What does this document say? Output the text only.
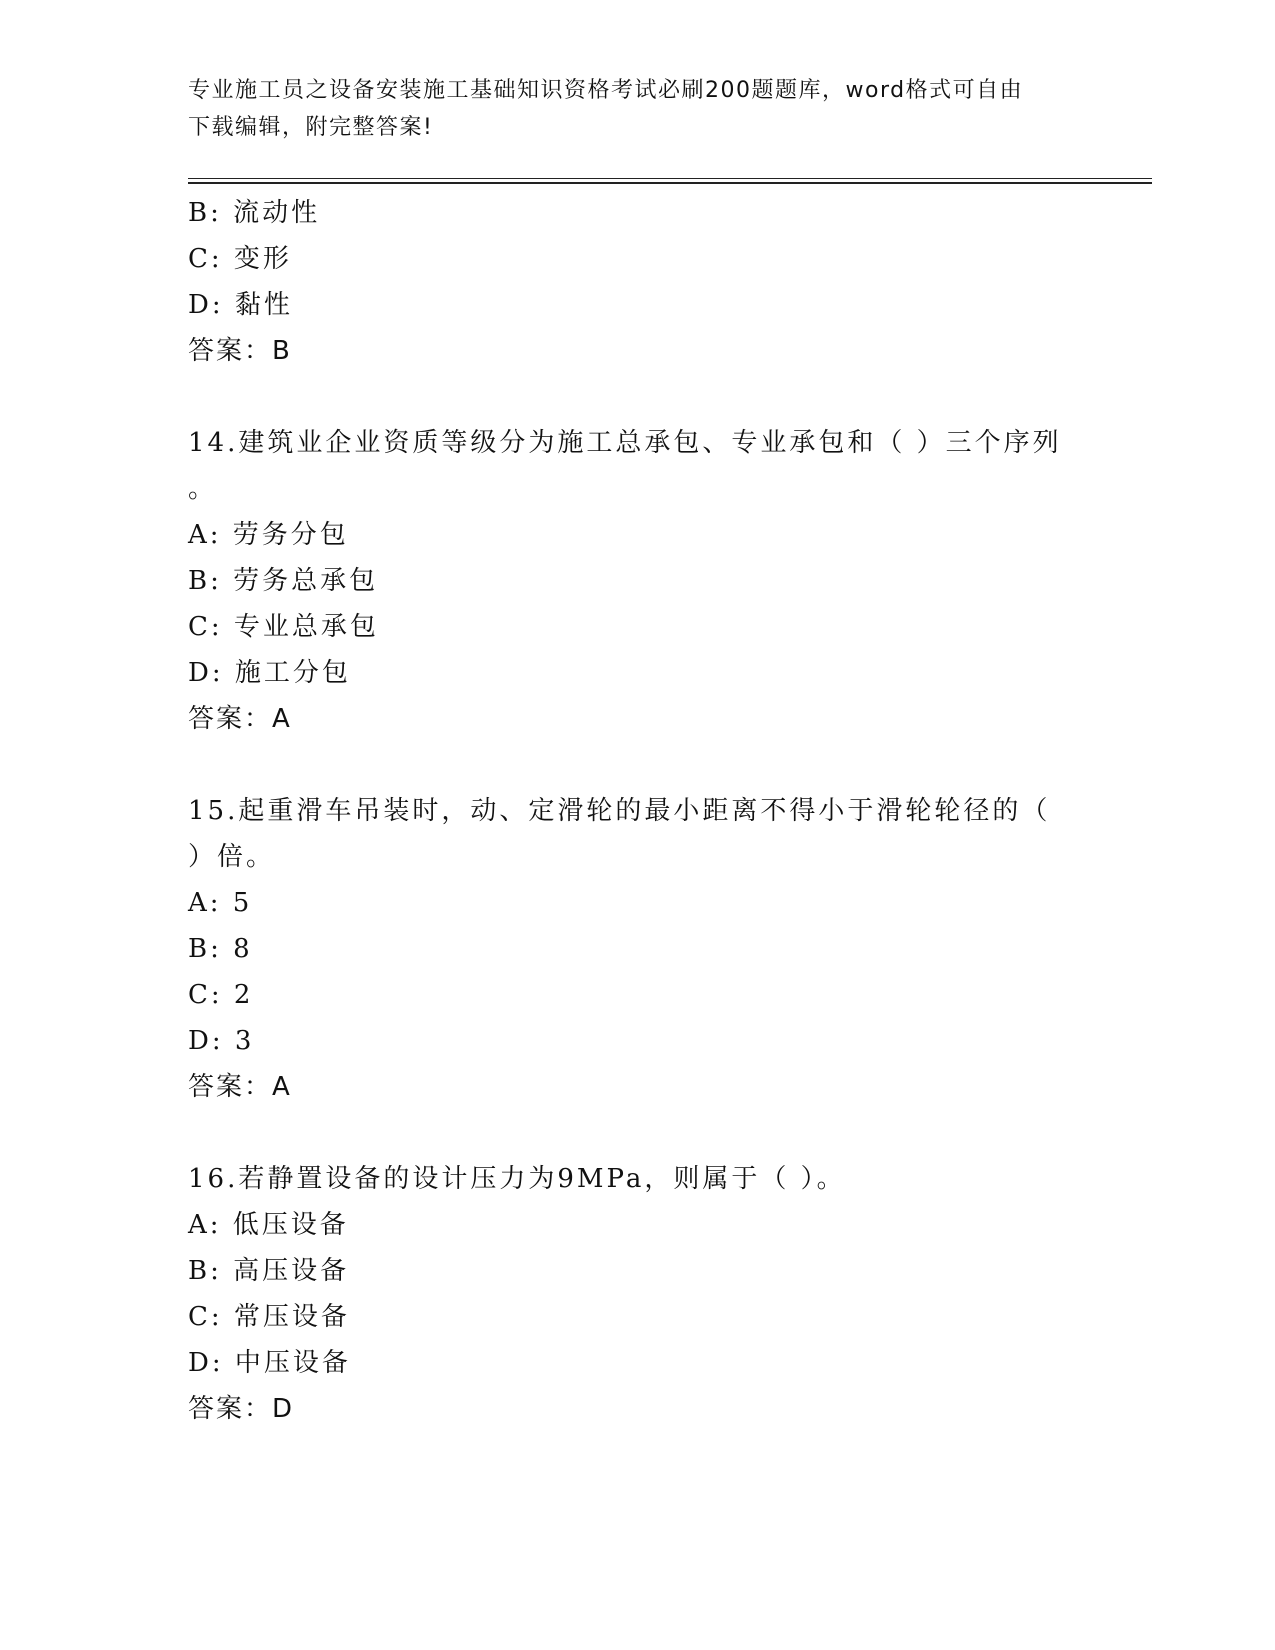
专业施工员之设备安装施工基础知识资格考试必刷200题题库，word格式可自由
下载编辑，附完整答案!
B: 流动性
C: 变形
D: 黏性
答案：B
14.建筑业企业资质等级分为施工总承包、专业承包和（ ）三个序列
。
A: 劳务分包
B: 劳务总承包
C: 专业总承包
D: 施工分包
答案：A
15.起重滑车吊装时，动、定滑轮的最小距离不得小于滑轮轮径的（
）倍。
A: 5
B: 8
C: 2
D: 3
答案：A
16.若静置设备的设计压力为9MPa，则属于（ ）。
A: 低压设备
B: 高压设备
C: 常压设备
D: 中压设备
答案：D
